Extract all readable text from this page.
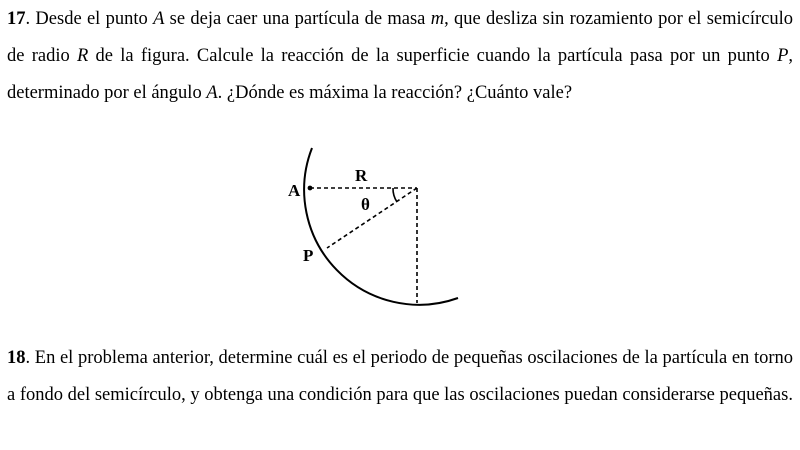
17. Desde el punto A se deja caer una partícula de masa m, que desliza sin rozamiento por el semicírculo de radio R de la figura. Calcule la reacción de la superficie cuando la partícula pasa por un punto P, determinado por el ángulo A. ¿Dónde es máxima la reacción? ¿Cuánto vale?
A
R
θ
P
18. En el problema anterior, determine cuál es el periodo de pequeñas oscilaciones de la partícula en torno a fondo del semicírculo, y obtenga una condición para que las oscilaciones puedan considerarse pequeñas.
